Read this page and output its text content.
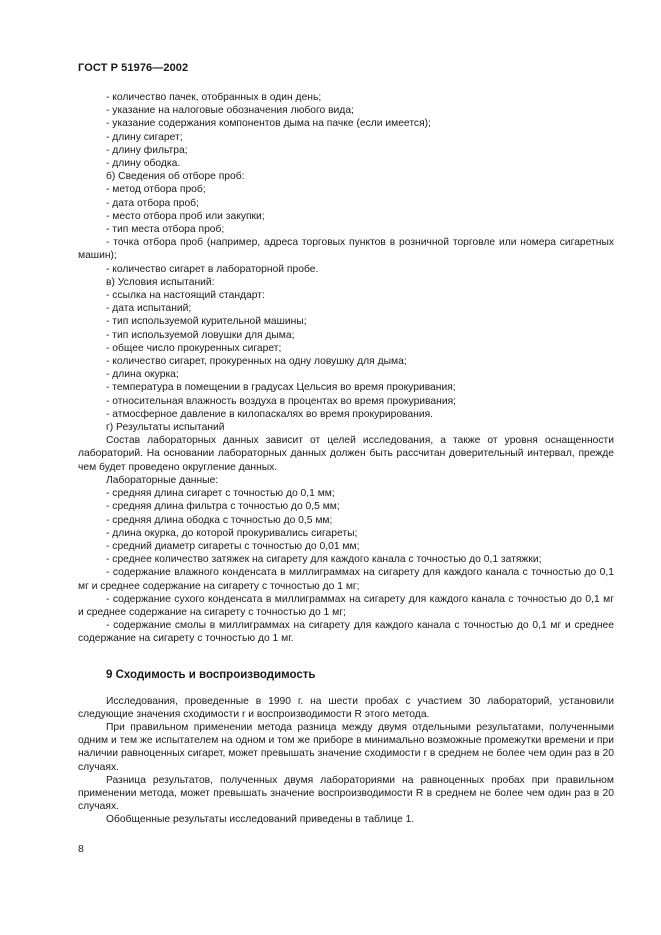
ГОСТ Р 51976—2002

- количество пачек, отобранных в один день;

- указание на налоговые обозначения любого вида;

- указание содержания компонентов дыма на пачке (если имеется);

- длину сигарет;

- длину фильтра;

- длину ободка.

б) Сведения об отборе проб:

- метод отбора проб;

- дата отбора проб;

- место отбора проб или закупки;

- тип места отбора проб;

- точка отбора проб (например, адреса торговых пунктов в розничной торговле или номера сигаретных машин);

- количество сигарет в лабораторной пробе.

в) Условия испытаний:

- ссылка на настоящий стандарт:

- дата испытаний;

- тип используемой курительной машины;

- тип используемой ловушки для дыма;

- общее число прокуренных сигарет;

- количество сигарет, прокуренных на одну ловушку для дыма;

- длина окурка;

- температура в помещении в градусах Цельсия во время прокуривания;

- относительная влажность воздуха в процентах во время прокуривания;

- атмосферное давление в килопаскалях во время прокурирования.

г) Результаты испытаний

Состав лабораторных данных зависит от целей исследования, а также от уровня оснащенности лабораторий. На основании лабораторных данных должен быть рассчитан доверительный интервал, прежде чем будет проведено округление данных.

Лабораторные данные:

- средняя длина сигарет с точностью до 0,1 мм;

- средняя длина фильтра с точностью до 0,5 мм;

- средняя длина ободка с точностью до 0,5 мм;

- длина окурка, до которой прокуривались сигареты;

- средний диаметр сигареты с точностью до 0,01 мм;

- среднее количество затяжек на сигарету для каждого канала с точностью до 0,1 затяжки;

- содержание влажного конденсата в миллиграммах на сигарету для каждого канала с точностью до 0,1 мг и среднее содержание на сигарету с точностью до 1 мг;

- содержание сухого конденсата в миллиграммах на сигарету для каждого канала с точностью до 0,1 мг и среднее содержание на сигарету с точностью до 1 мг;

- содержание смолы в миллиграммах на сигарету для каждого канала с точностью до 0,1 мг и среднее содержание на сигарету с точностью до 1 мг.

9 Сходимость и воспроизводимость

Исследования, проведенные в 1990 г. на шести пробах с участием 30 лабораторий, установили следующие значения сходимости r и воспроизводимости R этого метода.

При правильном применении метода разница между двумя отдельными результатами, полученными одним и тем же испытателем на одном и том же приборе в минимально возможные промежутки времени и при наличии равноценных сигарет, может превышать значение сходимости r в среднем не более чем один раз в 20 случаях.

Разница результатов, полученных двумя лабораториями на равноценных пробах при правильном применении метода, может превышать значение воспроизводимости R в среднем не более чем один раз в 20 случаях.

Обобщенные результаты исследований приведены в таблице 1.

8
